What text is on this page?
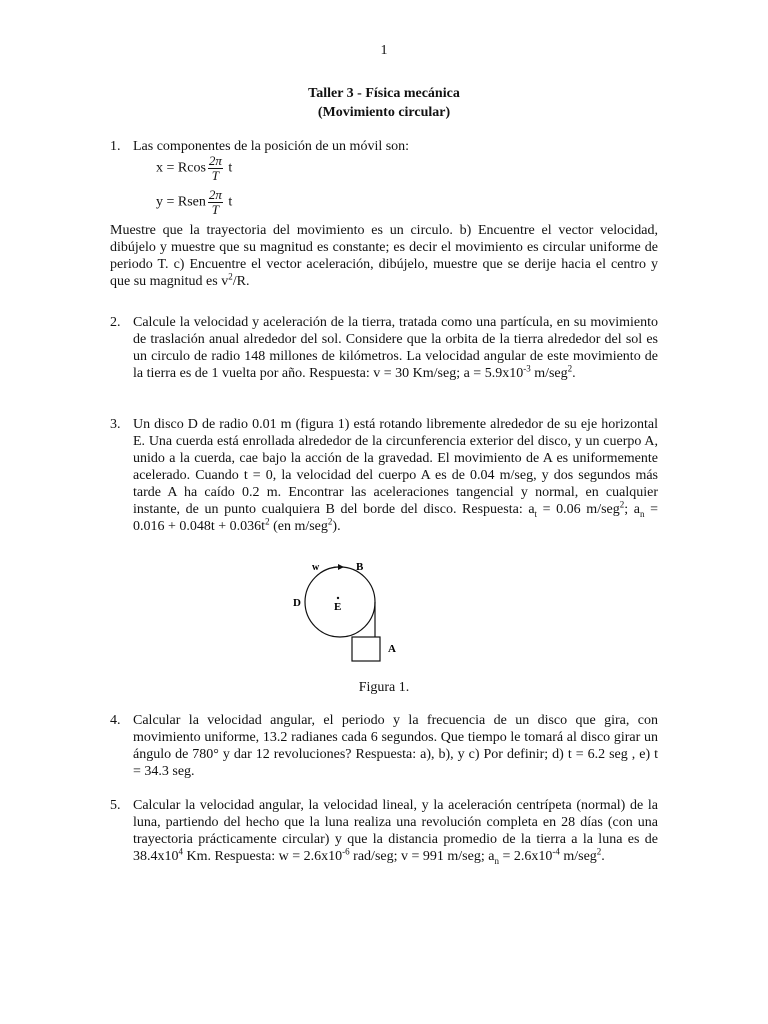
1
Taller 3 - Física mecánica
(Movimiento circular)
1. Las componentes de la posición de un móvil son:
x = Rcos $\frac{2\pi}{T}$ t
y = Rsen $\frac{2\pi}{T}$ t
Muestre que la trayectoria del movimiento es un circulo. b) Encuentre el vector velocidad, dibújelo y muestre que su magnitud es constante; es decir el movimiento es circular uniforme de periodo T. c) Encuentre el vector aceleración, dibújelo, muestre que se derije hacia el centro y que su magnitud es $v^2/R$.
2. Calcule la velocidad y aceleración de la tierra, tratada como una partícula, en su movimiento de traslación anual alrededor del sol. Considere que la orbita de la tierra alrededor del sol es un circulo de radio 148 millones de kilómetros. La velocidad angular de este movimiento de la tierra es de 1 vuelta por año. Respuesta: v = 30 Km/seg; $a = 5.9x10^{-3}$ m/seg$^2$.
3. Un disco D de radio 0.01 m (figura 1) está rotando libremente alrededor de su eje horizontal E. Una cuerda está enrollada alrededor de la circunferencia exterior del disco, y un cuerpo A, unido a la cuerda, cae bajo la acción de la gravedad. El movimiento de A es uniformemente acelerado. Cuando t = 0, la velocidad del cuerpo A es de 0.04 m/seg, y dos segundos más tarde A ha caído 0.2 m. Encontrar las aceleraciones tangencial y normal, en cualquier instante, de un punto cualquiera B del borde del disco. Respuesta: $a_t = 0.06$ m/seg$^2$; $a_n = 0.016 + 0.048t + 0.036t^2$ (en m/seg$^2$).
w	B
D	E
A
Figura 1.
4. Calcular la velocidad angular, el periodo y la frecuencia de un disco que gira, con movimiento uniforme, 13.2 radianes cada 6 segundos. Que tiempo le tomará al disco girar un ángulo de 780° y dar 12 revoluciones? Respuesta: a), b), y c) Por definir; d) t = 6.2 seg , e) t = 34.3 seg.
5. Calcular la velocidad angular, la velocidad lineal, y la aceleración centrípeta (normal) de la luna, partiendo del hecho que la luna realiza una revolución completa en 28 días (con una trayectoria prácticamente circular) y que la distancia promedio de la tierra a la luna es de $38.4x10^4$ Km. Respuesta: $w = 2.6x10^{-6}$ rad/seg; v = 991 m/seg; $a_n = 2.6x10^{-4}$ m/seg$^2$.
